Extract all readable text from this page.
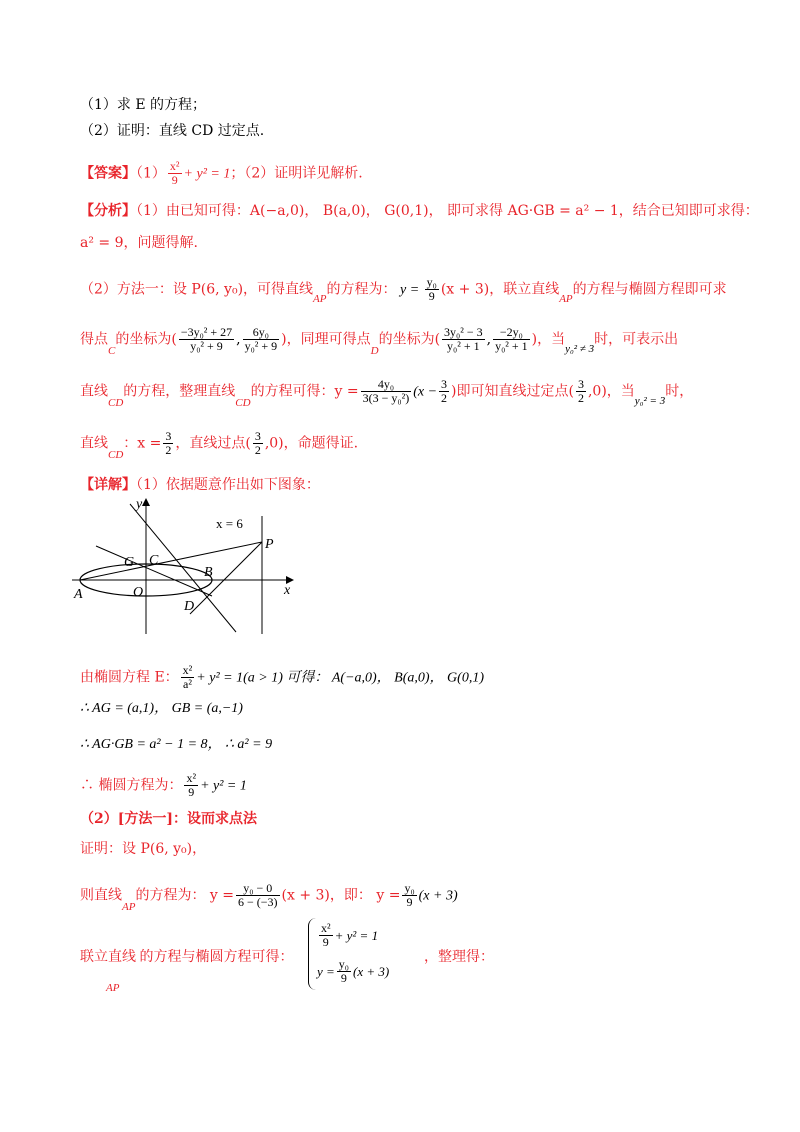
（1）求 E 的方程；
（2）证明：直线 CD 过定点.
【答案】$(1) \frac{\text{x²}}{9} + y^2 = 1$；（2）证明详见解析.
【分析】（1）由已知可得：A(−a,0)， B(a,0)， G(0,1)， 即可求得 AG·GB = a² − 1，结合已知即可求得：
a² = 9，问题得解.
（2）方法一：设 P(6, y₀)，可得直线$_{AP}$的方程为： $y = \frac{\text{y₀}}{9} (x + 3)$，联立直线$_{AP}$的方程与椭圆方程即可求
得点$_C$的坐标为( $\frac{\text{−3y₀² + 27}}{\text{y₀² + 9}}$ , $\frac{\text{6y₀}}{\text{y₀² + 9}}$ )，同理可得点$_D$的坐标为( $\frac{\text{3y₀² − 3}}{\text{y₀² + 1}}$ , $\frac{\text{−2y₀}}{\text{y₀² + 1}}$ )，当$_{y_0^2 \ne 3}$时，可表示出
直线$_{CD}$的方程，整理直线$_{CD}$的方程可得：$y = \frac{\text{4y₀}}{\text{3(3 − y₀²)}} (x - \frac{3}{2}$ )即可知直线过定点( $\frac{3}{2} ,0$)，当$_{y_0^2 = 3}$时，
直线$_{CD}$：$x = \frac{3}{2}$ ，直线过点( $\frac{3}{2} ,0$)，命题得证.
【详解】（1）依据题意作出如下图象：
y
x
x = 6
P
G C
B
A	O
D
由椭圆方程 E： $\frac{\text{x²}}{\text{a²}} + y^2 = 1(a > 1)$ 可得： A(−a,0)， B(a,0)， G(0,1)
∴ AG = (a,1)， GB = (a,−1)
∴ AG·GB = a² − 1 = 8， ∴ a² = 9
∴ 椭圆方程为： $\frac{\text{x²}}{9} + y^2 = 1$
（2）[方法一]：设而求点法
证明：设 P(6, y₀)，
则直线$_{AP}$的方程为： $y = \frac{\text{y₀ − 0}}{6 - (-3)} (x + 3)$，即： $y = \frac{\text{y₀}}{9} (x + 3)$
联立直线$_{AP}$的方程与椭圆方程可得：
$\frac{\text{x²}}{9} + y^2 = 1$
$y = \frac{\text{y₀}}{9} (x + 3)$
，整理得：
